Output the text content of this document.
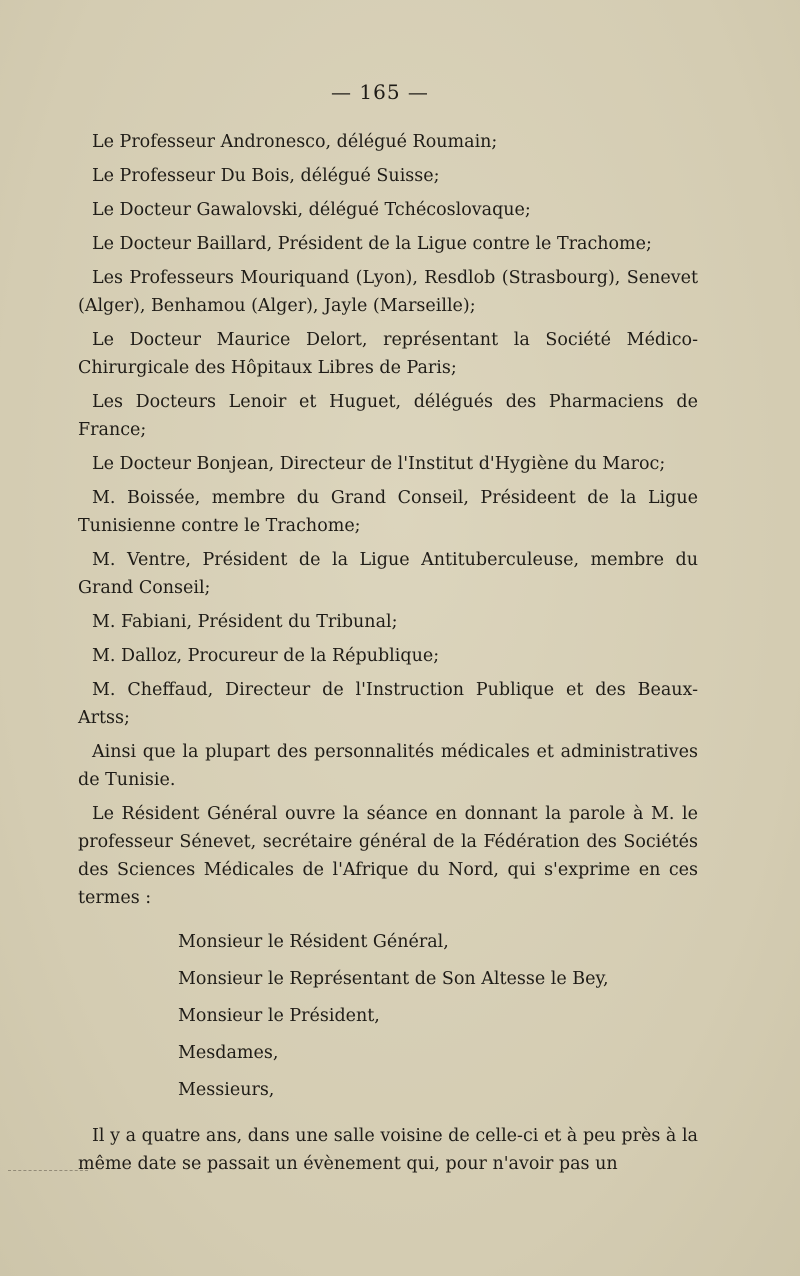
— 165 —

Le Professeur Andronesco, délégué Roumain;

Le Professeur Du Bois, délégué Suisse;

Le Docteur Gawalovski, délégué Tchécoslovaque;

Le Docteur Baillard, Président de la Ligue contre le Trachome;

Les Professeurs Mouriquand (Lyon), Resdlob (Strasbourg), Senevet (Alger), Benhamou (Alger), Jayle (Marseille);

Le Docteur Maurice Delort, représentant la Société Médico-Chirurgicale des Hôpitaux Libres de Paris;

Les Docteurs Lenoir et Huguet, délégués des Pharmaciens de France;

Le Docteur Bonjean, Directeur de l'Institut d'Hygiène du Maroc;

M. Boissée, membre du Grand Conseil, Présideent de la Ligue Tunisienne contre le Trachome;

M. Ventre, Président de la Ligue Antituberculeuse, membre du Grand Conseil;

M. Fabiani, Président du Tribunal;

M. Dalloz, Procureur de la République;

M. Cheffaud, Directeur de l'Instruction Publique et des Beaux-Artss;

Ainsi que la plupart des personnalités médicales et administratives de Tunisie.

Le Résident Général ouvre la séance en donnant la parole à M. le professeur Sénevet, secrétaire général de la Fédération des Sociétés des Sciences Médicales de l'Afrique du Nord, qui s'exprime en ces termes :

Monsieur le Résident Général,
Monsieur le Représentant de Son Altesse le Bey,
Monsieur le Président,
Mesdames,
Messieurs,

Il y a quatre ans, dans une salle voisine de celle-ci et à peu près à la même date se passait un évènement qui, pour n'avoir pas un
